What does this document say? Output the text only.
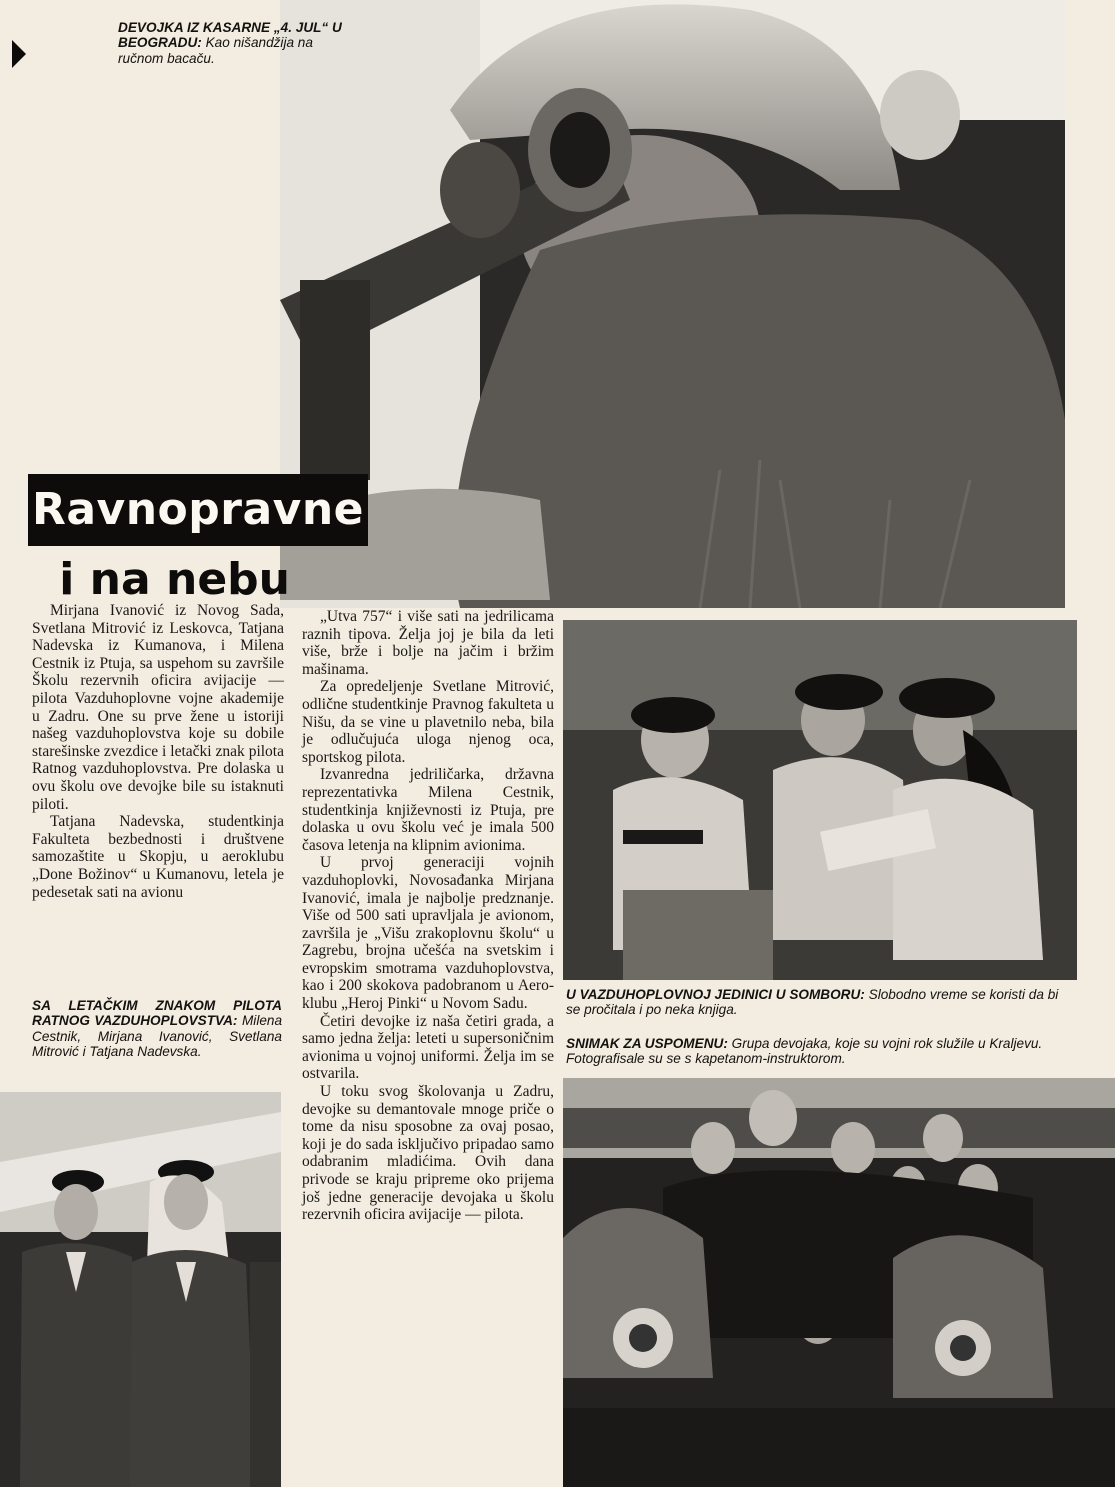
DEVOJKA IZ KASARNE „4. JUL“ U BEOGRADU: Kao nišandžija na ručnom bacaču.
Ravnopravne
i na nebu

Mirjana Ivanović iz Novog Sada, Svetlana Mitrović iz Leskovca, Tatjana Nadevska iz Kumanova, i Milena Cestnik iz Ptuja, sa uspehom su završile Školu rezervnih oficira avijacije — pilota Vazduhoplovne vojne akademije u Zadru. One su prve žene u istoriji našeg vazduhoplovstva koje su dobile starešinske zvezdice i letački znak pilota Ratnog vazduhoplovstva. Pre dolaska u ovu školu ove devojke bile su istaknuti piloti.

Tatjana Nadevska, studentkinja Fakulteta bezbednosti i društvene samozaštite u Skopju, u aeroklubu „Done Božinov“ u Kumanovu, letela je pedesetak sati na avionu

„Utva 757“ i više sati na jedrilicama raznih tipova. Želja joj je bila da leti više, brže i bolje na jačim i bržim mašinama.

Za opredeljenje Svetlane Mitrović, odlične studentkinje Pravnog fakulteta u Nišu, da se vine u plavetnilo neba, bila je odlučujuća uloga njenog oca, sportskog pilota.

Izvanredna jedriličarka, državna reprezentativka Milena Cestnik, studentkinja književnosti iz Ptuja, pre dolaska u ovu školu već je imala 500 časova letenja na klipnim avionima.

U prvoj generaciji vojnih vazduhoplovki, Novosađanka Mirjana Ivanović, imala je najbolje predznanje. Više od 500 sati upravljala je avionom, završila je „Višu zrakoplovnu školu“ u Zagrebu, brojna učešća na svetskim i evropskim smotrama vazduhoplovstva, kao i 200 skokova padobranom u Aero-klubu „Heroj Pinki“ u Novom Sadu.

Četiri devojke iz naša četiri grada, a samo jedna želja: leteti u supersoničnim avionima u vojnoj uniformi. Želja im se ostvarila.

U toku svog školovanja u Zadru, devojke su demantovale mnoge priče o tome da nisu sposobne za ovaj posao, koji je do sada isključivo pripadao samo odabranim mladićima. Ovih dana privode se kraju pripreme oko prijema još jedne generacije devojaka u školu rezervnih oficira avijacije — pilota.

SA LETAČKIM ZNAKOM PILOTA RATNOG VAZDUHOPLOVSTVA: Milena Cestnik, Mirjana Ivanović, Svetlana Mitrović i Tatjana Nadevska.
U VAZDUHOPLOVNOJ JEDINICI U SOMBORU: Slobodno vreme se koristi da bi se pročitala i po neka knjiga.
SNIMAK ZA USPOMENU: Grupa devojaka, koje su vojni rok služile u Kraljevu. Fotografisale su se s kapetanom-instruktorom.
